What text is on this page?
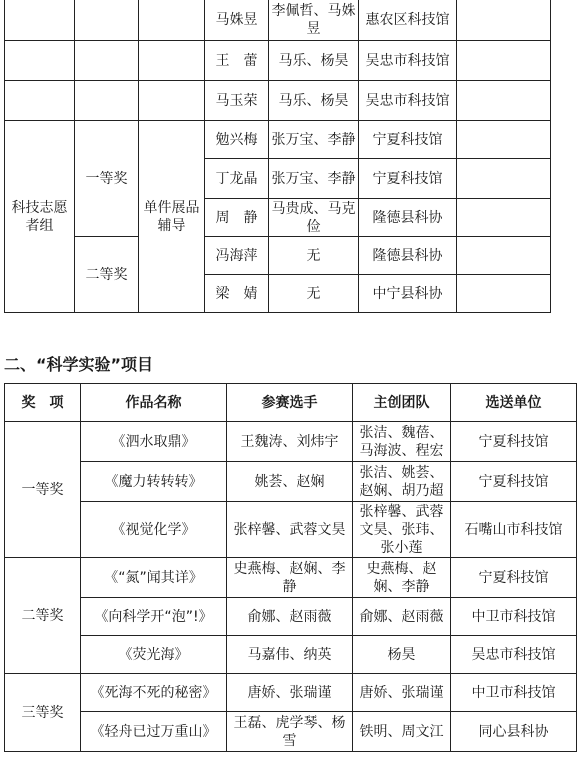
			马姝昱	李佩哲、马姝昱	惠农区科技馆	
			王　蕾	马乐、杨昊	吴忠市科技馆	
			马玉荣	马乐、杨昊	吴忠市科技馆	
科技志愿者组	一等奖	单件展品辅导	勉兴梅	张万宝、李静	宁夏科技馆	
			丁龙晶	张万宝、李静	宁夏科技馆	
			周　静	马贵成、马克俭	隆德县科协	
	二等奖		冯海萍	无	隆德县科协	
			梁　婧	无	中宁县科协	
二、“科学实验”项目
奖　项	作品名称	参赛选手	主创团队	选送单位
一等奖	《泗水取鼎》	王魏涛、刘炜宇	张洁、魏蓓、马海波、程宏	宁夏科技馆
	《魔力转转转》	姚荟、赵娴	张洁、姚荟、赵娴、胡乃超	宁夏科技馆
	《视觉化学》	张梓馨、武蓉文昊	张梓馨、武蓉文昊、张玮、张小莲	石嘴山市科技馆
二等奖	《“氮”闻其详》	史燕梅、赵娴、李静	史燕梅、赵娴、李静	宁夏科技馆
	《向科学开“泡”!》	俞娜、赵雨薇	俞娜、赵雨薇	中卫市科技馆
	《荧光海》	马嘉伟、纳英	杨昊	吴忠市科技馆
三等奖	《死海不死的秘密》	唐娇、张瑞谨	唐娇、张瑞谨	中卫市科技馆
	《轻舟已过万重山》	王磊、虎学琴、杨雪	铁明、周文江	同心县科协
